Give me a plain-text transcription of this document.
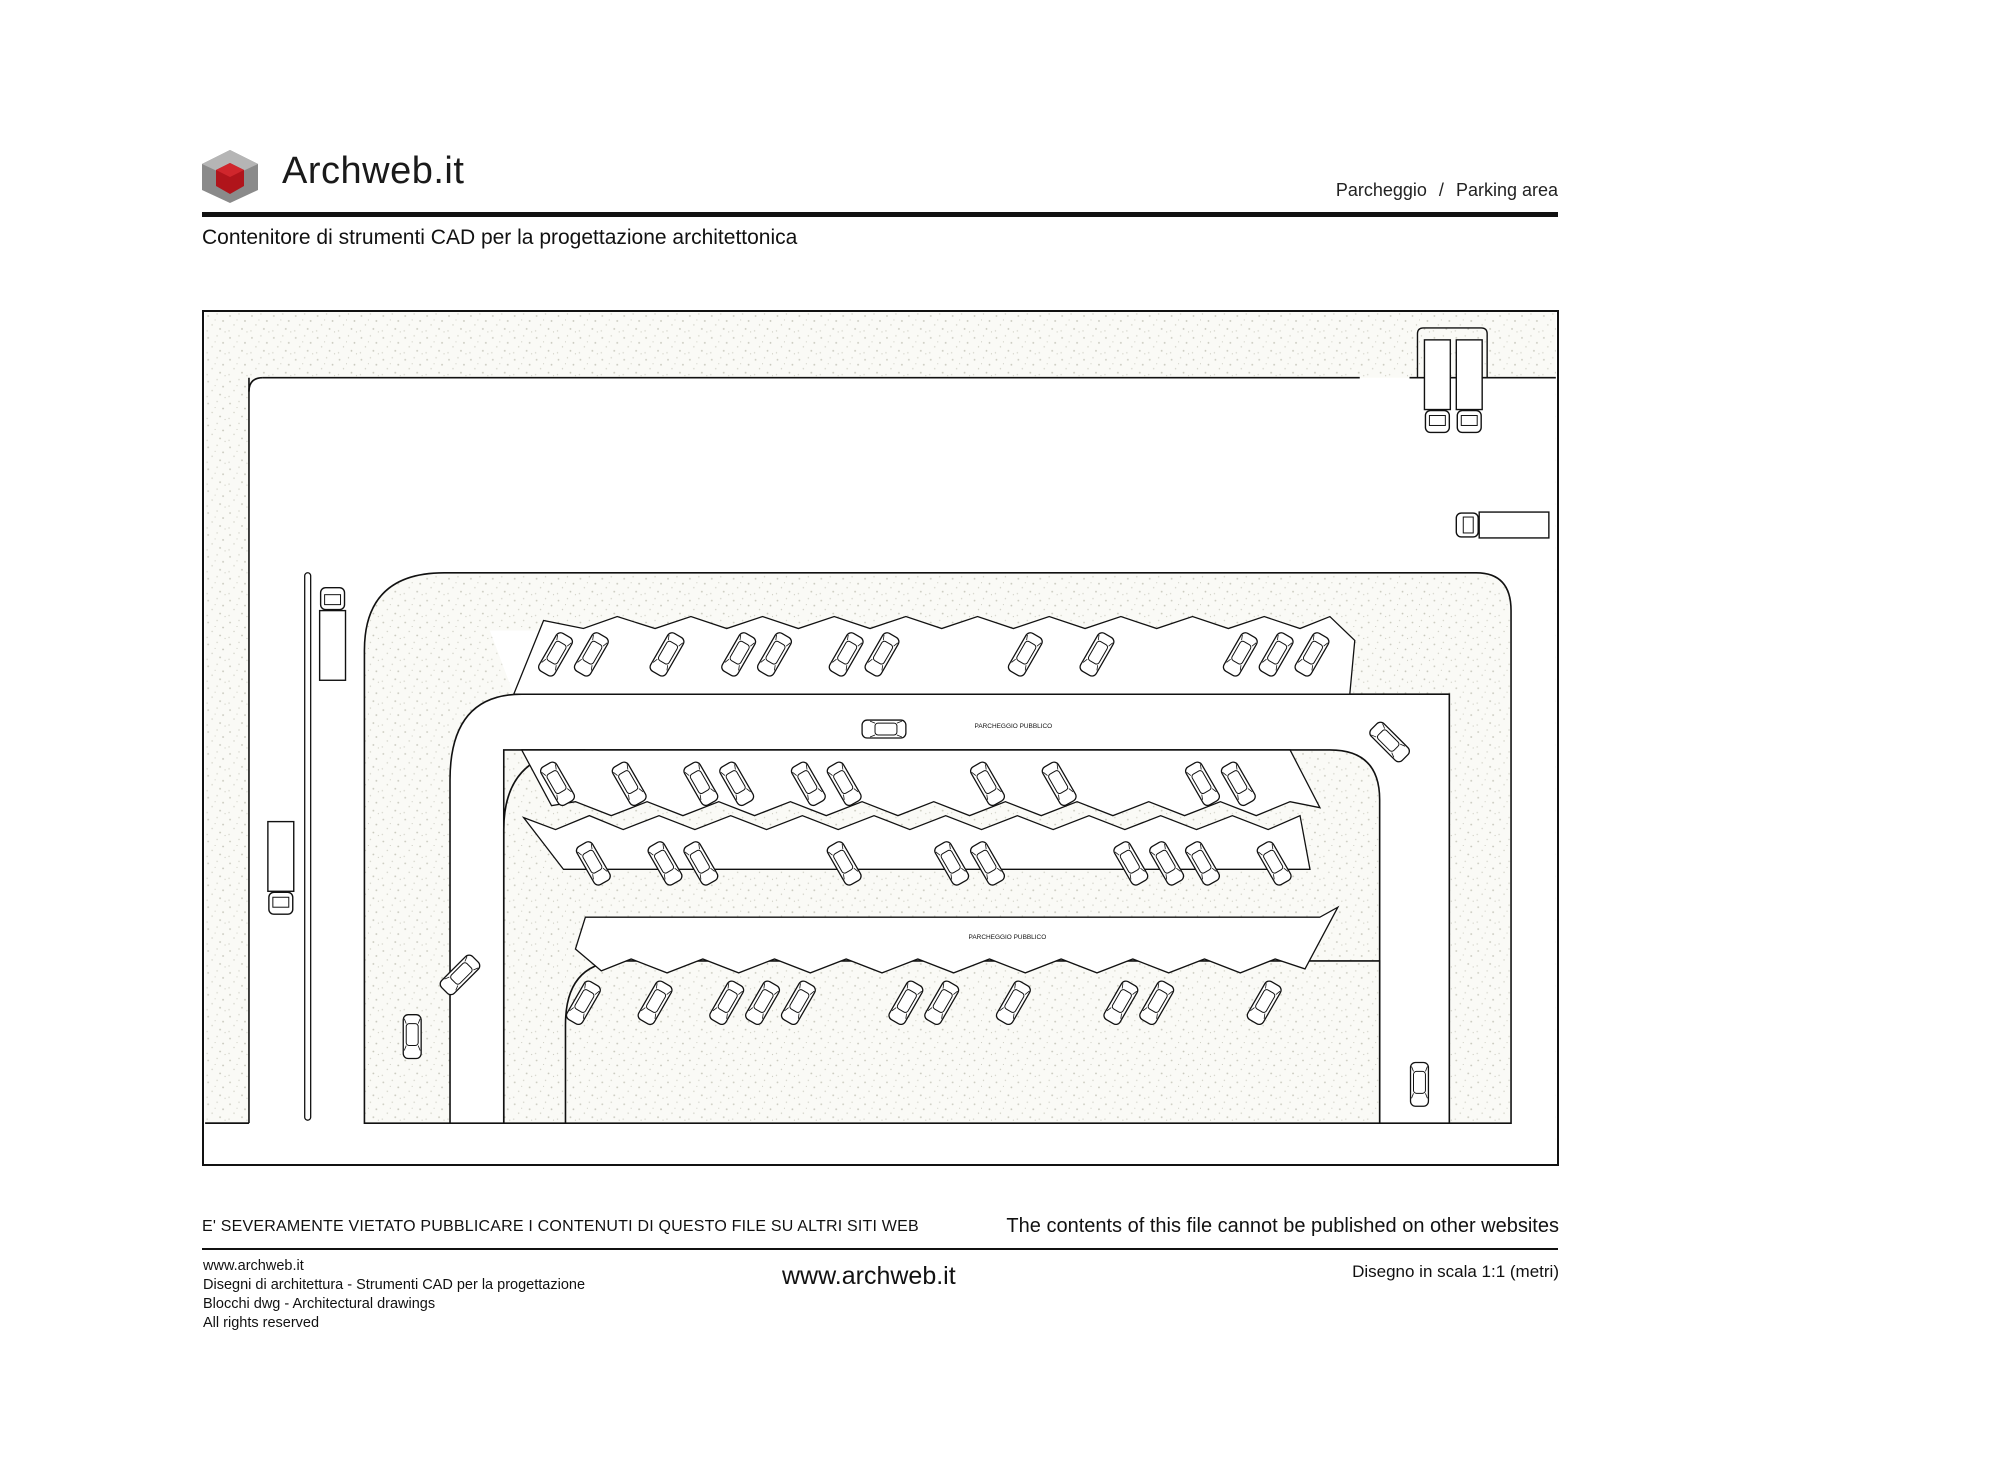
Archweb.it	Parcheggio / Parking area
Contenitore di strumenti CAD per la progettazione architettonica
PARCHEGGIO PUBBLICO
PARCHEGGIO PUBBLICO
E' SEVERAMENTE VIETATO PUBBLICARE I CONTENUTI DI QUESTO FILE SU ALTRI SITI WEB	The contents of this file cannot be published on other websites
www.archweb.it
Disegni di architettura - Strumenti CAD per la progettazione
Blocchi dwg - Architectural drawings
All rights reserved
www.archweb.it	Disegno in scala 1:1 (metri)
